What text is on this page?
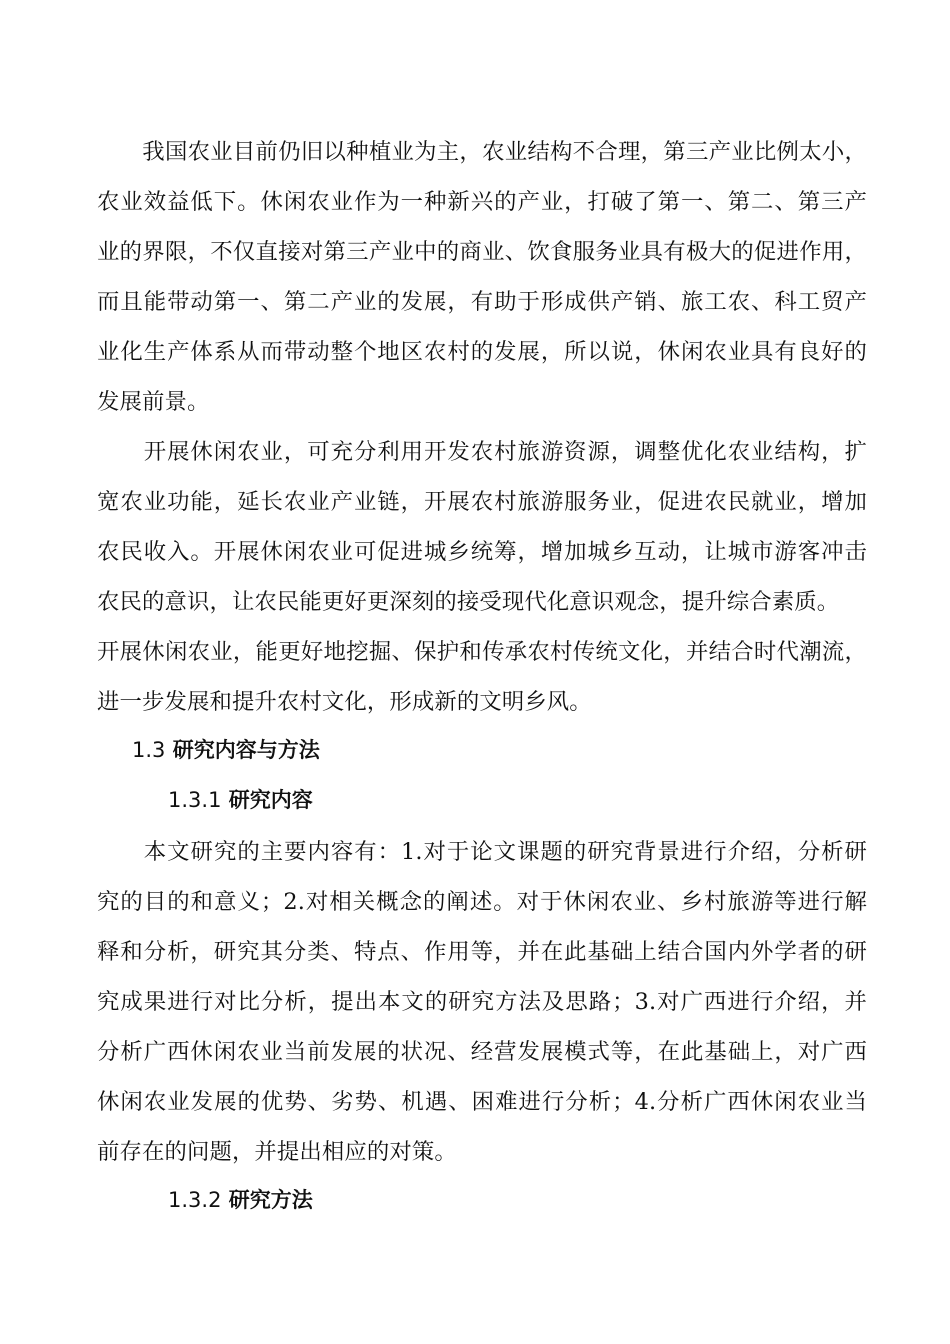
　　我国农业目前仍旧以种植业为主，农业结构不合理，第三产业比例太小，
农业效益低下。休闲农业作为一种新兴的产业，打破了第一、第二、第三产
业的界限，不仅直接对第三产业中的商业、饮食服务业具有极大的促进作用，
而且能带动第一、第二产业的发展，有助于形成供产销、旅工农、科工贸产
业化生产体系从而带动整个地区农村的发展，所以说，休闲农业具有良好的
发展前景。
　　开展休闲农业，可充分利用开发农村旅游资源，调整优化农业结构，扩
宽农业功能，延长农业产业链，开展农村旅游服务业，促进农民就业，增加
农民收入。开展休闲农业可促进城乡统筹，增加城乡互动，让城市游客冲击
农民的意识，让农民能更好更深刻的接受现代化意识观念，提升综合素质。
开展休闲农业，能更好地挖掘、保护和传承农村传统文化，并结合时代潮流，
进一步发展和提升农村文化，形成新的文明乡风。
1.3 研究内容与方法
1.3.1 研究内容
　　本文研究的主要内容有：1.对于论文课题的研究背景进行介绍，分析研
究的目的和意义；2.对相关概念的阐述。对于休闲农业、乡村旅游等进行解
释和分析，研究其分类、特点、作用等，并在此基础上结合国内外学者的研
究成果进行对比分析，提出本文的研究方法及思路；3.对广西进行介绍，并
分析广西休闲农业当前发展的状况、经营发展模式等，在此基础上，对广西
休闲农业发展的优势、劣势、机遇、困难进行分析；4.分析广西休闲农业当
前存在的问题，并提出相应的对策。
1.3.2 研究方法
